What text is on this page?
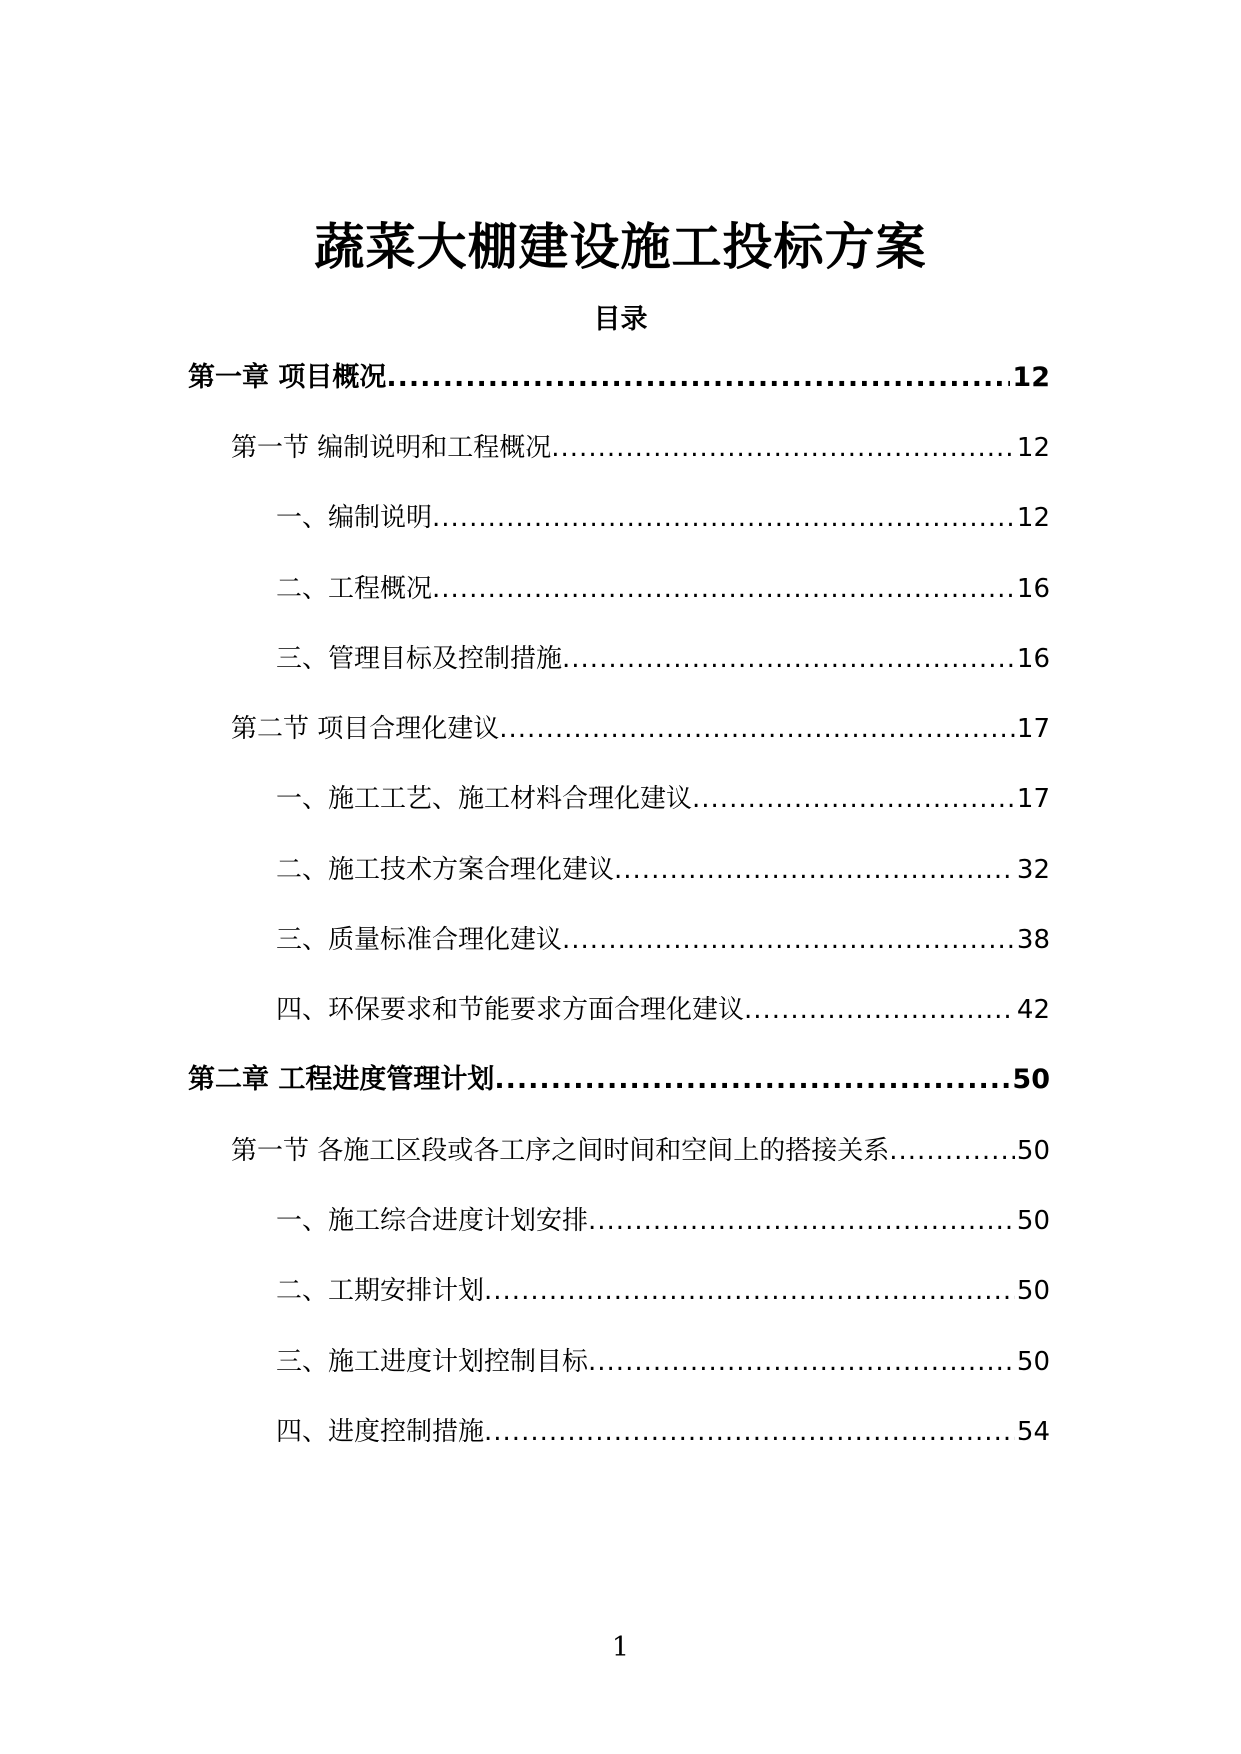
蔬菜大棚建设施工投标方案
目录
第一章 项目概况 .....	12
第一节 编制说明和工程概况 .....	12
一、编制说明 .....	12
二、工程概况 .....	16
三、管理目标及控制措施 .....	16
第二节 项目合理化建议 .....	17
一、施工工艺、施工材料合理化建议 .....	17
二、施工技术方案合理化建议 .....	32
三、质量标准合理化建议 .....	38
四、环保要求和节能要求方面合理化建议 .....	42
第二章 工程进度管理计划 .....	50
第一节 各施工区段或各工序之间时间和空间上的搭接关系 .....	50
一、施工综合进度计划安排 .....	50
二、工期安排计划 .....	50
三、施工进度计划控制目标 .....	50
四、进度控制措施 .....	54
1
